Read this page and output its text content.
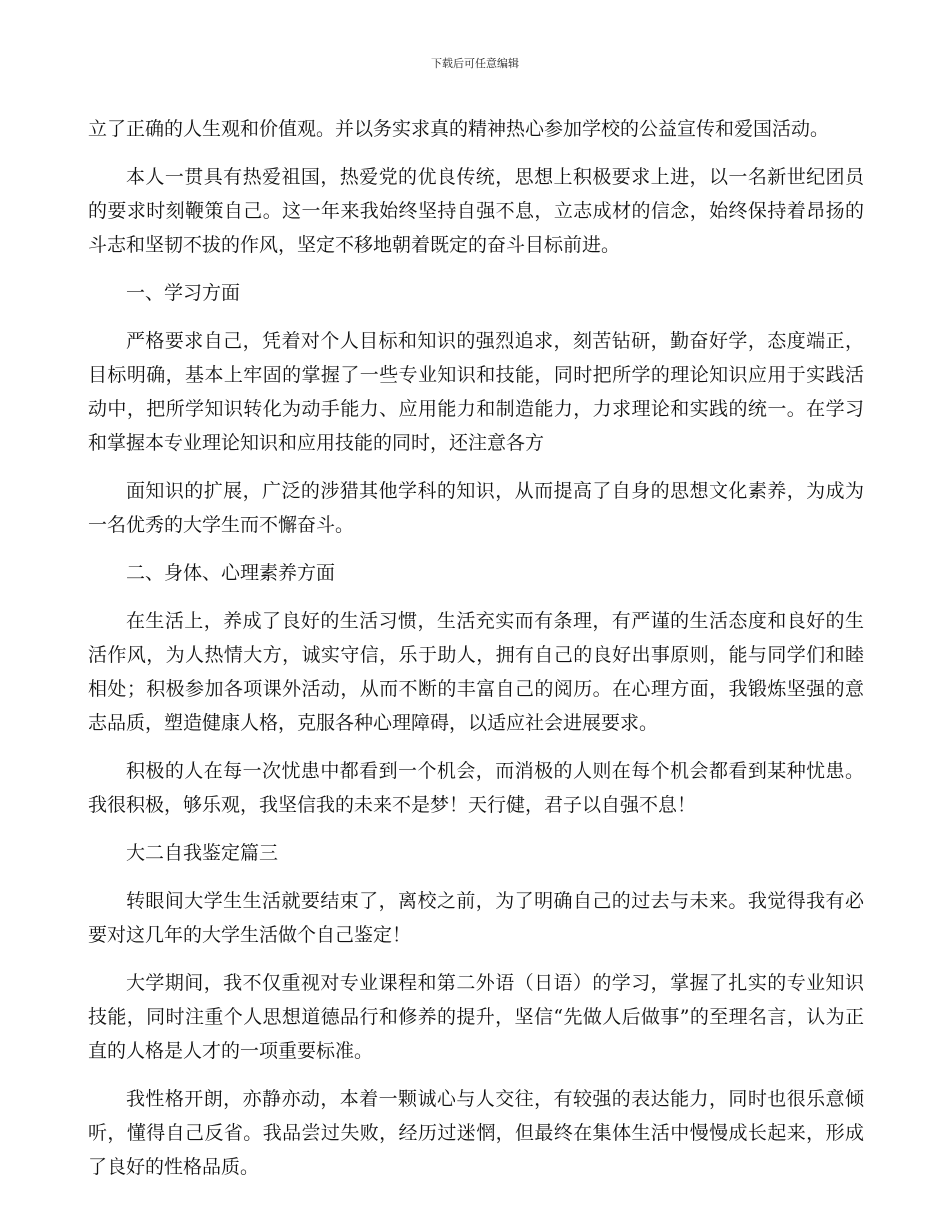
下载后可任意编辑

立了正确的人生观和价值观。并以务实求真的精神热心参加学校的公益宣传和爱国活动。

本人一贯具有热爱祖国，热爱党的优良传统，思想上积极要求上进，以一名新世纪团员的要求时刻鞭策自己。这一年来我始终坚持自强不息，立志成材的信念，始终保持着昂扬的斗志和坚韧不拔的作风，坚定不移地朝着既定的奋斗目标前进。

一、学习方面

严格要求自己，凭着对个人目标和知识的强烈追求，刻苦钻研，勤奋好学，态度端正，目标明确，基本上牢固的掌握了一些专业知识和技能，同时把所学的理论知识应用于实践活动中，把所学知识转化为动手能力、应用能力和制造能力，力求理论和实践的统一。在学习和掌握本专业理论知识和应用技能的同时，还注意各方

面知识的扩展，广泛的涉猎其他学科的知识，从而提高了自身的思想文化素养，为成为一名优秀的大学生而不懈奋斗。

二、身体、心理素养方面

在生活上，养成了良好的生活习惯，生活充实而有条理，有严谨的生活态度和良好的生活作风，为人热情大方，诚实守信，乐于助人，拥有自己的良好出事原则，能与同学们和睦相处；积极参加各项课外活动，从而不断的丰富自己的阅历。在心理方面，我锻炼坚强的意志品质，塑造健康人格，克服各种心理障碍，以适应社会进展要求。

积极的人在每一次忧患中都看到一个机会，而消极的人则在每个机会都看到某种忧患。我很积极，够乐观，我坚信我的未来不是梦！天行健，君子以自强不息！

大二自我鉴定篇三

转眼间大学生生活就要结束了，离校之前，为了明确自己的过去与未来。我觉得我有必要对这几年的大学生活做个自己鉴定！

大学期间，我不仅重视对专业课程和第二外语（日语）的学习，掌握了扎实的专业知识技能，同时注重个人思想道德品行和修养的提升，坚信“先做人后做事”的至理名言，认为正直的人格是人才的一项重要标准。

我性格开朗，亦静亦动，本着一颗诚心与人交往，有较强的表达能力，同时也很乐意倾听，懂得自己反省。我品尝过失败，经历过迷惘，但最终在集体生活中慢慢成长起来，形成了良好的性格品质。
